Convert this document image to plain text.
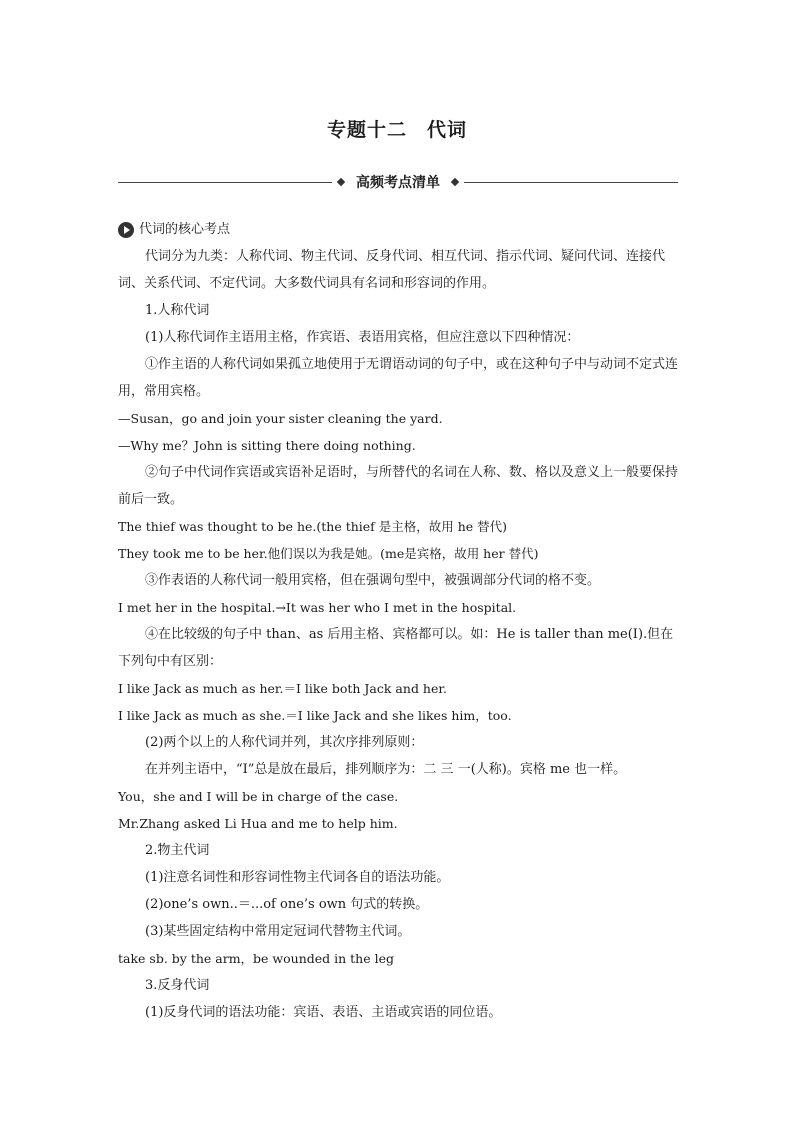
专题十二　代词
高频考点清单

代词的核心考点

代词分为九类：人称代词、物主代词、反身代词、相互代词、指示代词、疑问代词、连接代词、关系代词、不定代词。大多数代词具有名词和形容词的作用。

1.人称代词

(1)人称代词作主语用主格，作宾语、表语用宾格，但应注意以下四种情况：

①作主语的人称代词如果孤立地使用于无谓语动词的句子中，或在这种句子中与动词不定式连用，常用宾格。

—Susan，go and join your sister cleaning the yard.

—Why me？John is sitting there doing nothing.

②句子中代词作宾语或宾语补足语时，与所替代的名词在人称、数、格以及意义上一般要保持前后一致。

The thief was thought to be he.(the thief 是主格，故用 he 替代)

They took me to be her.他们误以为我是她。(me是宾格，故用 her 替代)

③作表语的人称代词一般用宾格，但在强调句型中，被强调部分代词的格不变。

I met her in the hospital.→It was her who I met in the hospital.

④在比较级的句子中 than、as 后用主格、宾格都可以。如：He is taller than me(I).但在下列句中有区别：

I like Jack as much as her.＝I like both Jack and her.

I like Jack as much as she.＝I like Jack and she likes him，too.

(2)两个以上的人称代词并列，其次序排列原则：

在并列主语中，“I”总是放在最后，排列顺序为：二 三 一(人称)。宾格 me 也一样。

You，she and I will be in charge of the case.

Mr.Zhang asked Li Hua and me to help him.

2.物主代词

(1)注意名词性和形容词性物主代词各自的语法功能。

(2)one’s own..＝...of one’s own 句式的转换。

(3)某些固定结构中常用定冠词代替物主代词。

take sb. by the arm，be wounded in the leg

3.反身代词

(1)反身代词的语法功能：宾语、表语、主语或宾语的同位语。
